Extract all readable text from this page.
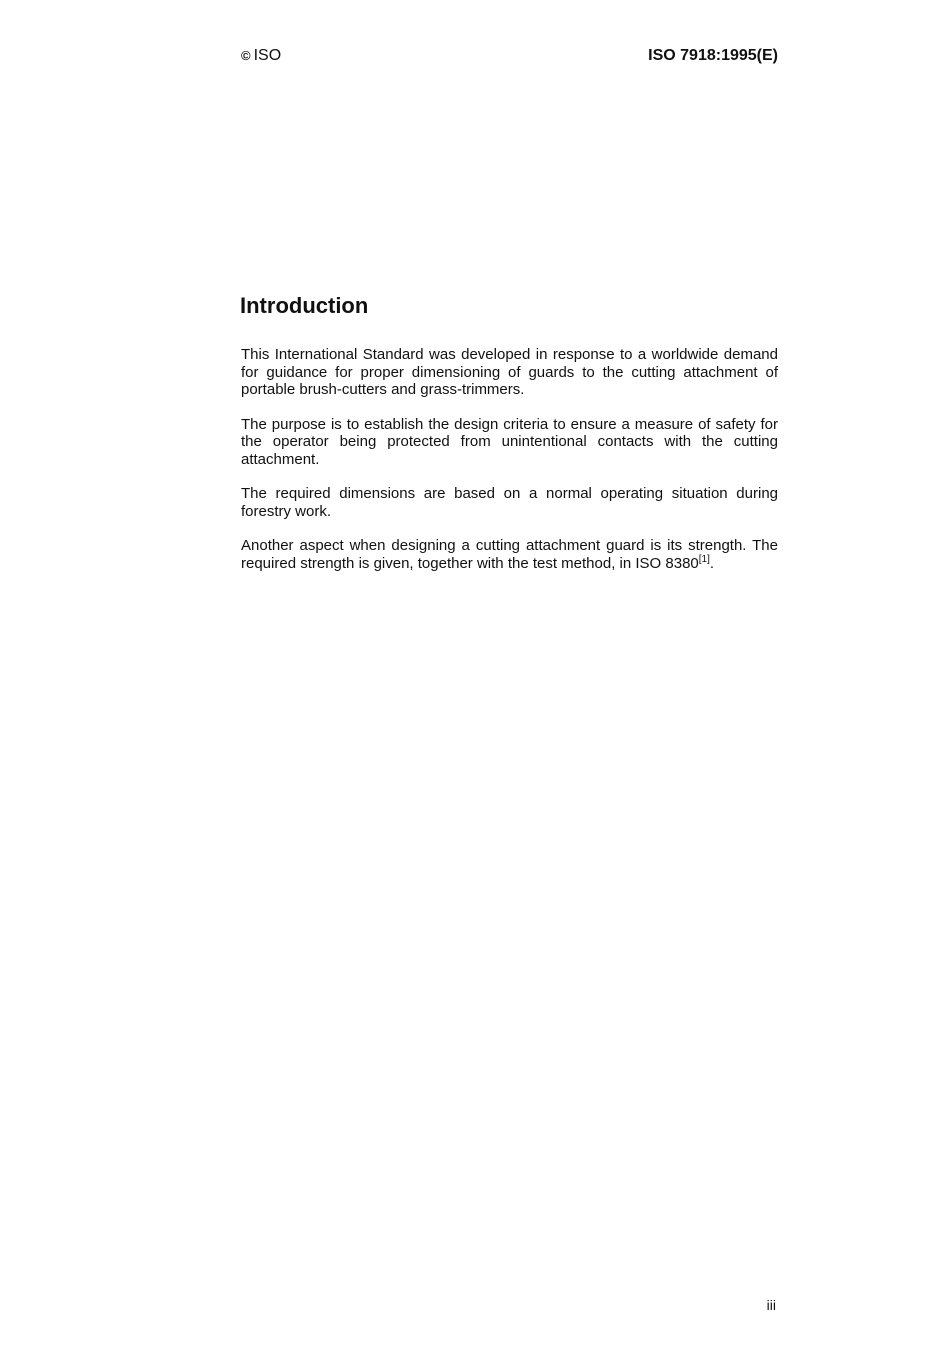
© ISO	ISO 7918:1995(E)
Introduction

This International Standard was developed in response to a worldwide demand for guidance for proper dimensioning of guards to the cutting attachment of portable brush-cutters and grass-trimmers.

The purpose is to establish the design criteria to ensure a measure of safety for the operator being protected from unintentional contacts with the cutting attachment.

The required dimensions are based on a normal operating situation during forestry work.

Another aspect when designing a cutting attachment guard is its strength. The required strength is given, together with the test method, in ISO 8380[1].

iii
